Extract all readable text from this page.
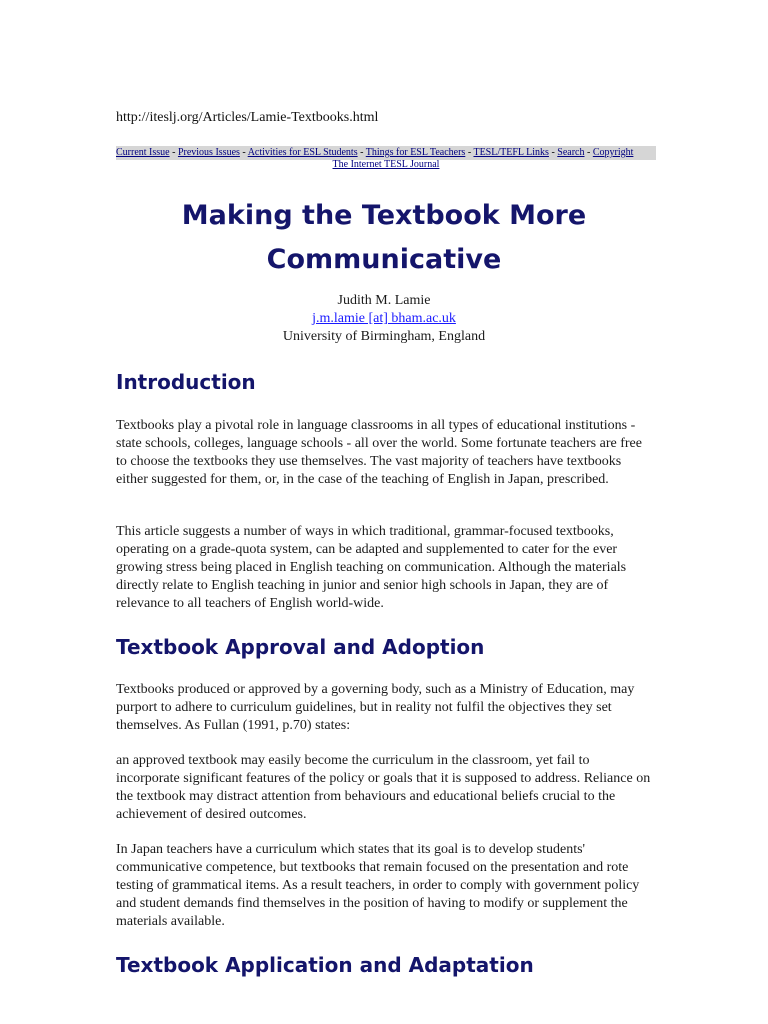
http://iteslj.org/Articles/Lamie-Textbooks.html
Current Issue - Previous Issues - Activities for ESL Students - Things for ESL Teachers - TESL/TEFL Links - Search - Copyright
The Internet TESL Journal
Making the Textbook More
Communicative
Judith M. Lamie
j.m.lamie [at] bham.ac.uk
University of Birmingham, England
Introduction

Textbooks play a pivotal role in language classrooms in all types of educational institutions - state schools, colleges, language schools - all over the world. Some fortunate teachers are free to choose the textbooks they use themselves. The vast majority of teachers have textbooks either suggested for them, or, in the case of the teaching of English in Japan, prescribed.

This article suggests a number of ways in which traditional, grammar-focused textbooks, operating on a grade-quota system, can be adapted and supplemented to cater for the ever growing stress being placed in English teaching on communication. Although the materials directly relate to English teaching in junior and senior high schools in Japan, they are of relevance to all teachers of English world-wide.

Textbook Approval and Adoption

Textbooks produced or approved by a governing body, such as a Ministry of Education, may purport to adhere to curriculum guidelines, but in reality not fulfil the objectives they set themselves. As Fullan (1991, p.70) states:

an approved textbook may easily become the curriculum in the classroom, yet fail to incorporate significant features of the policy or goals that it is supposed to address. Reliance on the textbook may distract attention from behaviours and educational beliefs crucial to the achievement of desired outcomes.

In Japan teachers have a curriculum which states that its goal is to develop students' communicative competence, but textbooks that remain focused on the presentation and rote testing of grammatical items. As a result teachers, in order to comply with government policy and student demands find themselves in the position of having to modify or supplement the materials available.

Textbook Application and Adaptation
